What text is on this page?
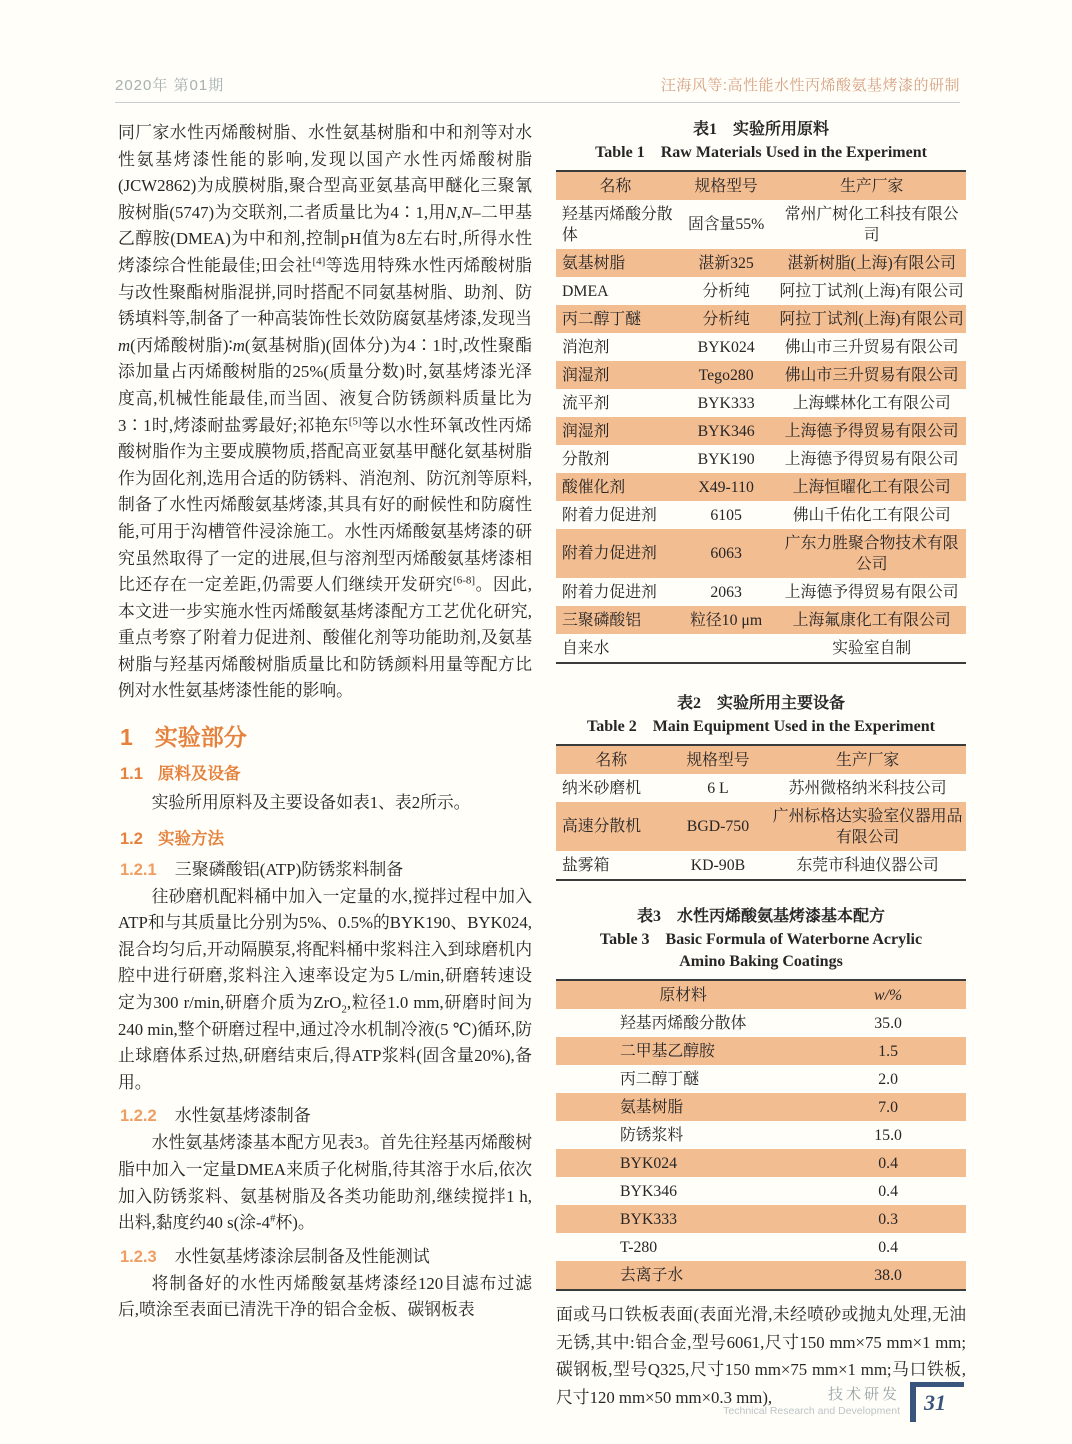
2020年 第01期	汪海风等:高性能水性丙烯酸氨基烤漆的研制

同厂家水性丙烯酸树脂、水性氨基树脂和中和剂等对水性氨基烤漆性能的影响,发现以国产水性丙烯酸树脂(JCW2862)为成膜树脂,聚合型高亚氨基高甲醚化三聚氰胺树脂(5747)为交联剂,二者质量比为4∶1,用N,N–二甲基乙醇胺(DMEA)为中和剂,控制pH值为8左右时,所得水性烤漆综合性能最佳;田会社[4]等选用特殊水性丙烯酸树脂与改性聚酯树脂混拼,同时搭配不同氨基树脂、助剂、防锈填料等,制备了一种高装饰性长效防腐氨基烤漆,发现当m(丙烯酸树脂)∶m(氨基树脂)(固体分)为4∶1时,改性聚酯添加量占丙烯酸树脂的25%(质量分数)时,氨基烤漆光泽度高,机械性能最佳,而当固、液复合防锈颜料质量比为3∶1时,烤漆耐盐雾最好;祁艳东[5]等以水性环氧改性丙烯酸树脂作为主要成膜物质,搭配高亚氨基甲醚化氨基树脂作为固化剂,选用合适的防锈料、消泡剂、防沉剂等原料,制备了水性丙烯酸氨基烤漆,其具有好的耐候性和防腐性能,可用于沟槽管件浸涂施工。水性丙烯酸氨基烤漆的研究虽然取得了一定的进展,但与溶剂型丙烯酸氨基烤漆相比还存在一定差距,仍需要人们继续开发研究[6-8]。因此,本文进一步实施水性丙烯酸氨基烤漆配方工艺优化研究,重点考察了附着力促进剂、酸催化剂等功能助剂,及氨基树脂与羟基丙烯酸树脂质量比和防锈颜料用量等配方比例对水性氨基烤漆性能的影响。

1 实验部分
1.1 原料及设备

实验所用原料及主要设备如表1、表2所示。

1.2 实验方法
1.2.1 三聚磷酸铝(ATP)防锈浆料制备

往砂磨机配料桶中加入一定量的水,搅拌过程中加入ATP和与其质量比分别为5%、0.5%的BYK190、BYK024,混合均匀后,开动隔膜泵,将配料桶中浆料注入到球磨机内腔中进行研磨,浆料注入速率设定为5 L/min,研磨转速设定为300 r/min,研磨介质为ZrO$_2$,粒径1.0 mm,研磨时间为240 min,整个研磨过程中,通过冷水机制冷液(5 ℃)循环,防止球磨体系过热,研磨结束后,得ATP浆料(固含量20%),备用。

1.2.2 水性氨基烤漆制备

水性氨基烤漆基本配方见表3。首先往羟基丙烯酸树脂中加入一定量DMEA来质子化树脂,待其溶于水后,依次加入防锈浆料、氨基树脂及各类功能助剂,继续搅拌1 h,出料,黏度约40 s(涂-4#杯)。

1.2.3 水性氨基烤漆涂层制备及性能测试

将制备好的水性丙烯酸氨基烤漆经120目滤布过滤后,喷涂至表面已清洗干净的铝合金板、碳钢板表

表1　实验所用原料

Table 1　Raw Materials Used in the Experiment

名称	规格型号	生产厂家
羟基丙烯酸分散体	固含量55%	常州广树化工科技有限公司
氨基树脂	湛新325	湛新树脂(上海)有限公司
DMEA	分析纯	阿拉丁试剂(上海)有限公司
丙二醇丁醚	分析纯	阿拉丁试剂(上海)有限公司
消泡剂	BYK024	佛山市三升贸易有限公司
润湿剂	Tego280	佛山市三升贸易有限公司
流平剂	BYK333	上海蝶林化工有限公司
润湿剂	BYK346	上海德予得贸易有限公司
分散剂	BYK190	上海德予得贸易有限公司
酸催化剂	X49-110	上海恒曜化工有限公司
附着力促进剂	6105	佛山千佑化工有限公司
附着力促进剂	6063	广东力胜聚合物技术有限公司
附着力促进剂	2063	上海德予得贸易有限公司
三聚磷酸铝	粒径10 μm	上海氟康化工有限公司
自来水		实验室自制

表2　实验所用主要设备

Table 2　Main Equipment Used in the Experiment

名称	规格型号	生产厂家
纳米砂磨机	6 L	苏州微格纳米科技公司
高速分散机	BGD-750	广州标格达实验室仪器用品有限公司
盐雾箱	KD-90B	东莞市科迪仪器公司

表3　水性丙烯酸氨基烤漆基本配方

Table 3　Basic Formula of Waterborne Acrylic Amino Baking Coatings

原材料	w/%
羟基丙烯酸分散体	35.0
二甲基乙醇胺	1.5
丙二醇丁醚	2.0
氨基树脂	7.0
防锈浆料	15.0
BYK024	0.4
BYK346	0.4
BYK333	0.3
T-280	0.4
去离子水	38.0

面或马口铁板表面(表面光滑,未经喷砂或抛丸处理,无油无锈,其中:铝合金,型号6061,尺寸150 mm×75 mm×1 mm; 碳钢板,型号Q325,尺寸150 mm×75 mm×1 mm;马口铁板,尺寸120 mm×50 mm×0.3 mm),	技术研发
Technical Research and Development	31
